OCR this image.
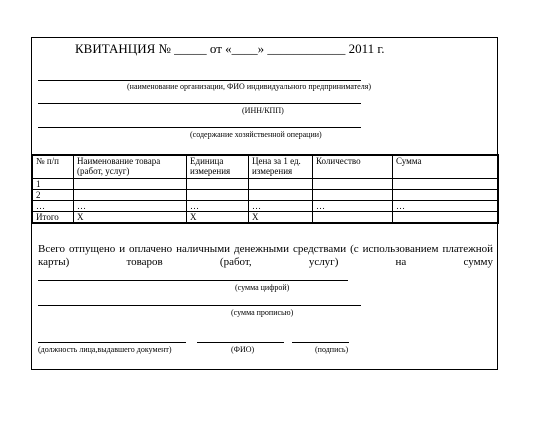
КВИТАНЦИЯ № _____ от «____» ____________ 2011 г.
(наименование организации, ФИО индивидуального предпринимателя)
(ИНН/КПП)
(содержание хозяйственной операции)
№ п/п	Наименование товара (работ, услуг)	Единица измерения	Цена за 1 ед. измерения	Количество	Сумма
1					
2					
…	…	…	…	…	…
Итого	Х	Х	Х		
Всего отпущено и оплачено наличными денежными средствами (с использованием платежной карты) товаров (работ, услуг) на сумму
(сумма цифрой)
(сумма прописью)
(должность лица,выдавшего документ)	(ФИО)	(подпись)
